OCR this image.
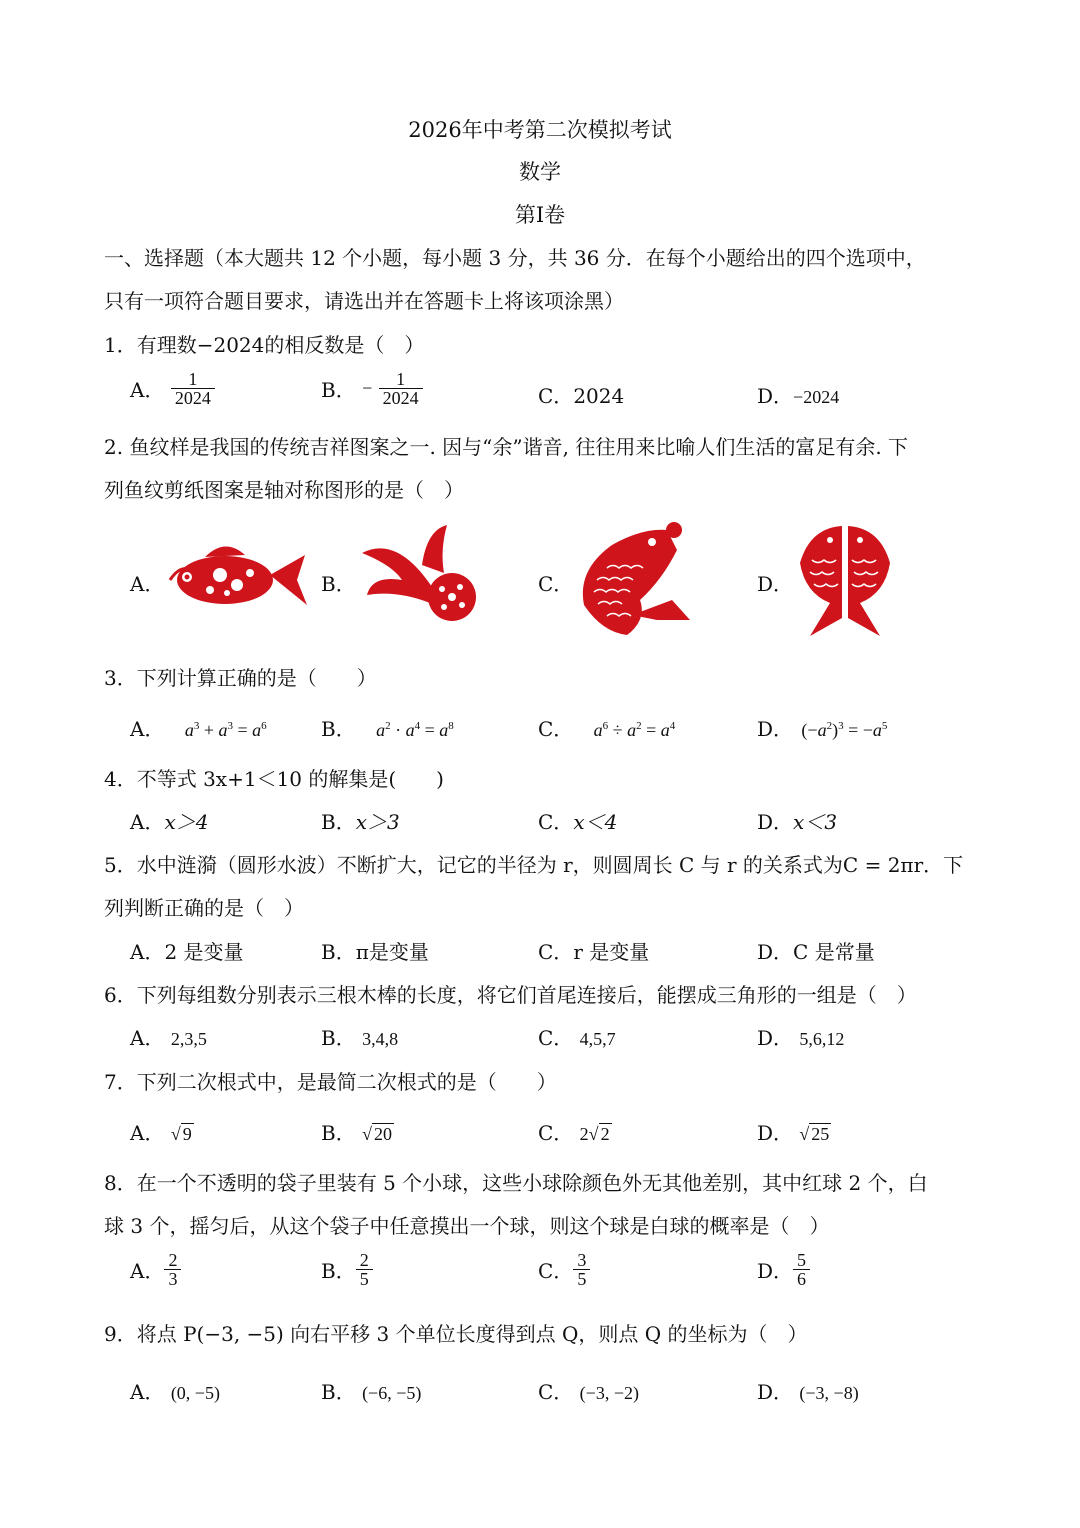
2026年中考第二次模拟考试
数学
第Ⅰ卷
一、选择题（本大题共 12 个小题，每小题 3 分，共 36 分．在每个小题给出的四个选项中，
只有一项符合题目要求，请选出并在答题卡上将该项涂黑）
1．有理数−2024的相反数是（　）
A． $\frac{1}{2024}$	B． − $\frac{1}{2024}$	C．2024	D．−2024
2. 鱼纹样是我国的传统吉祥图案之一. 因与“余”谐音, 往往用来比喻人们生活的富足有余. 下
列鱼纹剪纸图案是轴对称图形的是（　）
A．	B．	C．	D．
3．下列计算正确的是（　　）
A． $a^3 + a^3 = a^6$	B． $a^2 \cdot a^4 = a^8$	C． $a^6 \div a^2 = a^4$	D． $(-a^2)^3 = -a^5$
4．不等式 3x+1＜10 的解集是(　　)
A．x＞4	B．x＞3	C．x＜4	D．x＜3
5．水中涟漪（圆形水波）不断扩大，记它的半径为 r，则圆周长 C 与 r 的关系式为C = 2πr．下
列判断正确的是（　）
A．2 是变量	B．π是变量	C．r 是变量	D．C 是常量
6．下列每组数分别表示三根木棒的长度，将它们首尾连接后，能摆成三角形的一组是（　）
A． 2,3,5	B． 3,4,8	C． 4,5,7	D． 5,6,12
7．下列二次根式中，是最简二次根式的是（　　）
A． √ 9	B． √ 20	C． 2√ 2	D． √ 25
8．在一个不透明的袋子里装有 5 个小球，这些小球除颜色外无其他差别，其中红球 2 个，白
球 3 个，摇匀后，从这个袋子中任意摸出一个球，则这个球是白球的概率是（　）
A． $\frac{2}{3}$	B． $\frac{2}{5}$	C． $\frac{3}{5}$	D． $\frac{5}{6}$
9．将点 P(−3, −5) 向右平移 3 个单位长度得到点 Q，则点 Q 的坐标为（　）
A． (0, −5)	B． (−6, −5)	C． (−3, −2)	D． (−3, −8)
